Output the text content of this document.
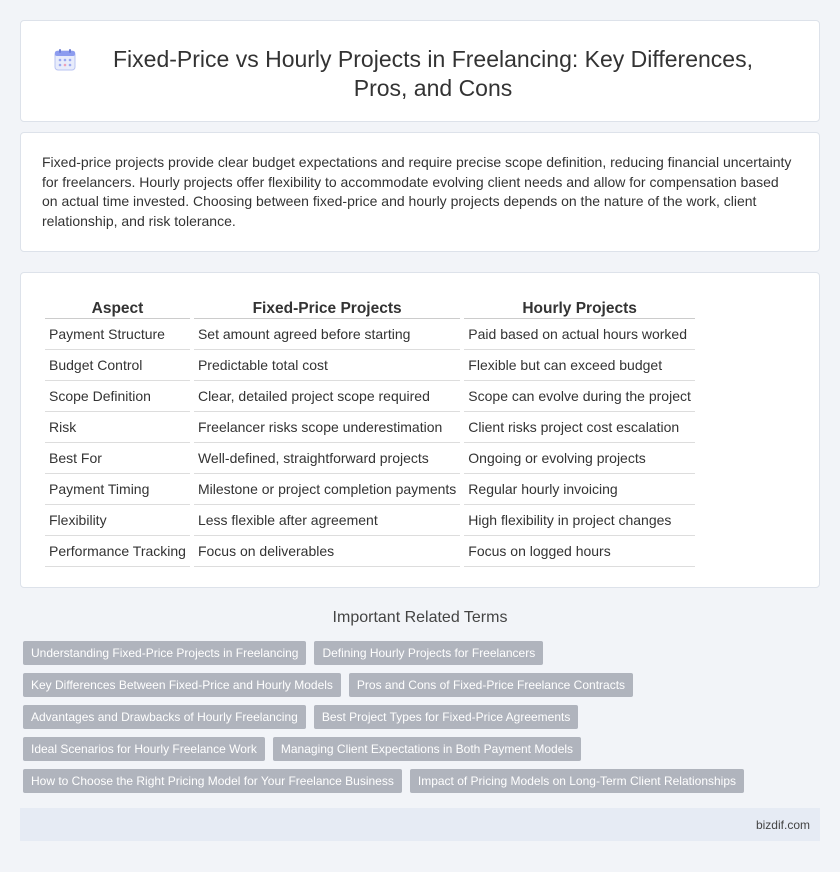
Fixed-Price vs Hourly Projects in Freelancing: Key Differences, Pros, and Cons

Fixed-price projects provide clear budget expectations and require precise scope definition, reducing financial uncertainty for freelancers. Hourly projects offer flexibility to accommodate evolving client needs and allow for compensation based on actual time invested. Choosing between fixed-price and hourly projects depends on the nature of the work, client relationship, and risk tolerance.

Aspect	Fixed-Price Projects	Hourly Projects
Payment Structure	Set amount agreed before starting	Paid based on actual hours worked
Budget Control	Predictable total cost	Flexible but can exceed budget
Scope Definition	Clear, detailed project scope required	Scope can evolve during the project
Risk	Freelancer risks scope underestimation	Client risks project cost escalation
Best For	Well-defined, straightforward projects	Ongoing or evolving projects
Payment Timing	Milestone or project completion payments	Regular hourly invoicing
Flexibility	Less flexible after agreement	High flexibility in project changes
Performance Tracking	Focus on deliverables	Focus on logged hours
Important Related Terms
Understanding Fixed-Price Projects in Freelancing	Defining Hourly Projects for Freelancers
Key Differences Between Fixed-Price and Hourly Models	Pros and Cons of Fixed-Price Freelance Contracts
Advantages and Drawbacks of Hourly Freelancing	Best Project Types for Fixed-Price Agreements
Ideal Scenarios for Hourly Freelance Work	Managing Client Expectations in Both Payment Models
How to Choose the Right Pricing Model for Your Freelance Business	Impact of Pricing Models on Long-Term Client Relationships
bizdif.com
